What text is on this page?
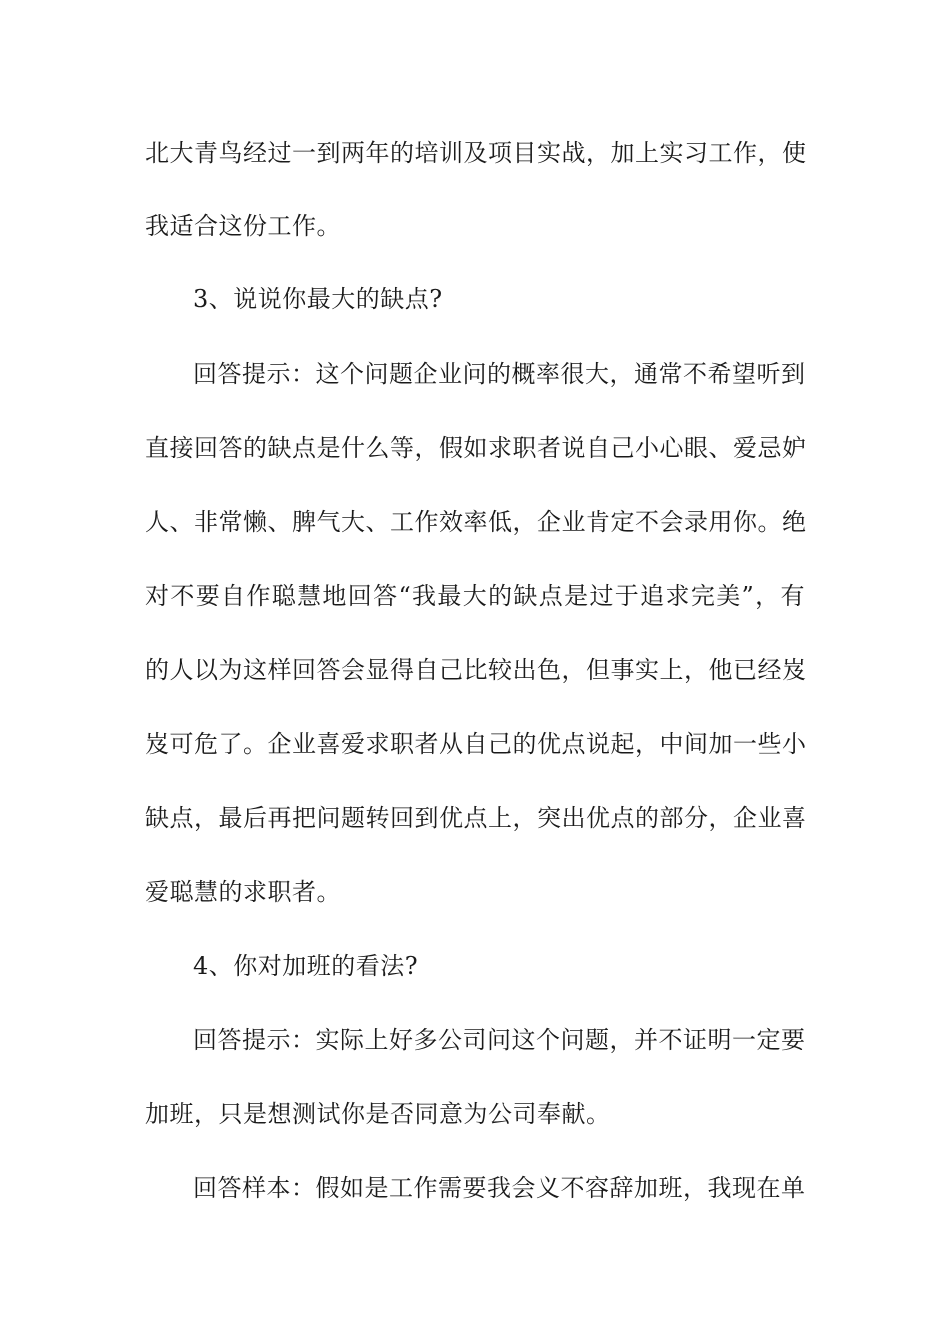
北大青鸟经过一到两年的培训及项目实战，加上实习工作，使
我适合这份工作。
3、说说你最大的缺点?
回答提示：这个问题企业问的概率很大，通常不希望听到
直接回答的缺点是什么等，假如求职者说自己小心眼、爱忌妒
人、非常懒、脾气大、工作效率低，企业肯定不会录用你。绝
对不要自作聪慧地回答“我最大的缺点是过于追求完美”，有
的人以为这样回答会显得自己比较出色，但事实上，他已经岌
岌可危了。企业喜爱求职者从自己的优点说起，中间加一些小
缺点，最后再把问题转回到优点上，突出优点的部分，企业喜
爱聪慧的求职者。
4、你对加班的看法?
回答提示：实际上好多公司问这个问题，并不证明一定要
加班，只是想测试你是否同意为公司奉献。
回答样本：假如是工作需要我会义不容辞加班，我现在单
